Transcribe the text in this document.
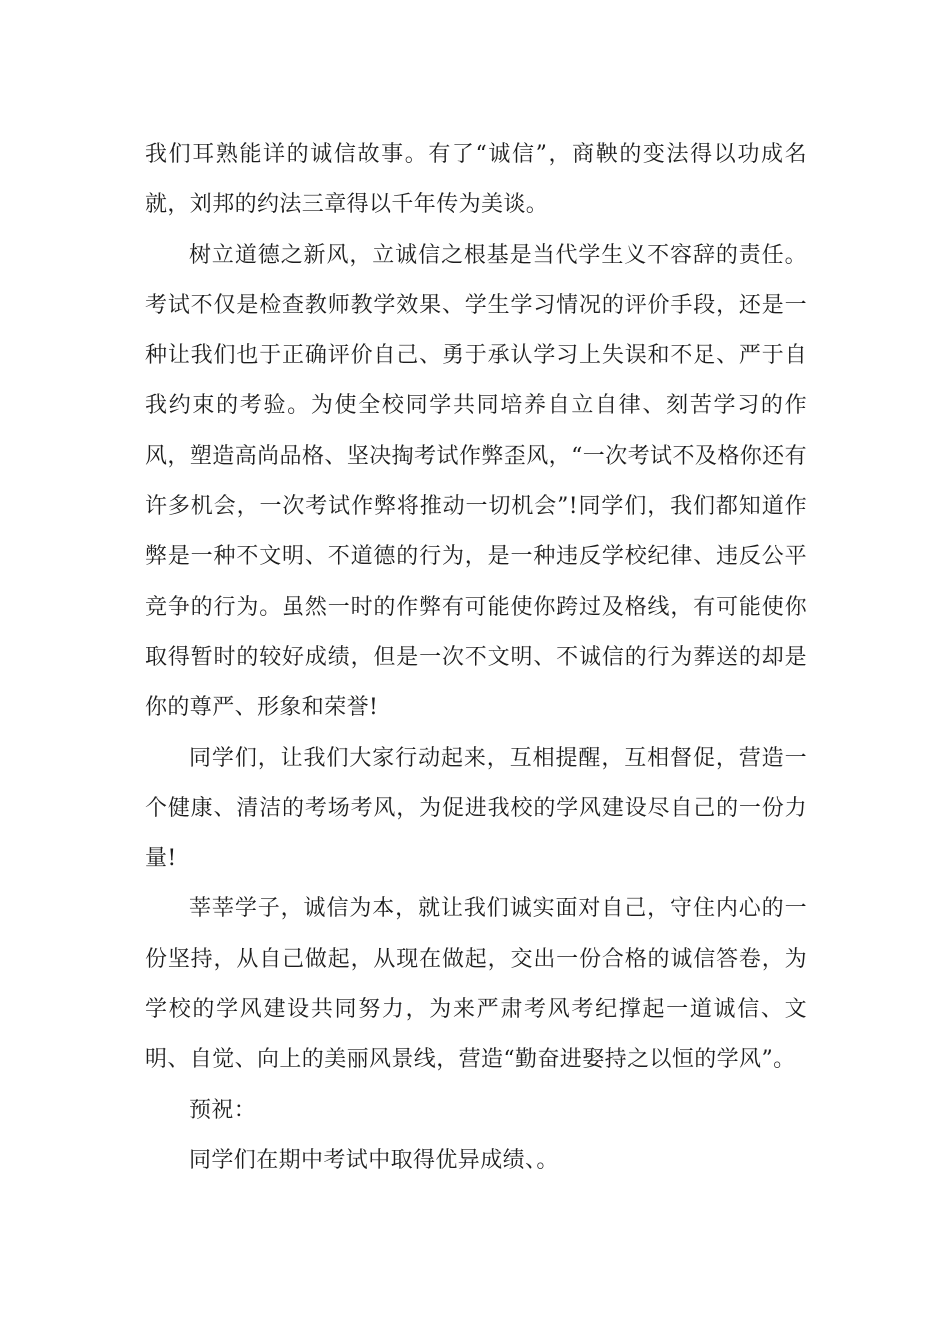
我们耳熟能详的诚信故事。有了“诚信”，商鞅的变法得以功成名就，刘邦的约法三章得以千年传为美谈。

树立道德之新风，立诚信之根基是当代学生义不容辞的责任。考试不仅是检查教师教学效果、学生学习情况的评价手段，还是一种让我们也于正确评价自己、勇于承认学习上失误和不足、严于自我约束的考验。为使全校同学共同培养自立自律、刻苦学习的作风，塑造高尚品格、坚决掏考试作弊歪风，“一次考试不及格你还有许多机会，一次考试作弊将推动一切机会”!同学们，我们都知道作弊是一种不文明、不道德的行为，是一种违反学校纪律、违反公平竞争的行为。虽然一时的作弊有可能使你跨过及格线，有可能使你取得暂时的较好成绩，但是一次不文明、不诚信的行为葬送的却是你的尊严、形象和荣誉!

同学们，让我们大家行动起来，互相提醒，互相督促，营造一个健康、清洁的考场考风，为促进我校的学风建设尽自己的一份力量!

莘莘学子，诚信为本，就让我们诚实面对自己，守住内心的一份坚持，从自己做起，从现在做起，交出一份合格的诚信答卷，为学校的学风建设共同努力，为来严肃考风考纪撑起一道诚信、文明、自觉、向上的美丽风景线，营造“勤奋进娶持之以恒的学风”。

预祝：

同学们在期中考试中取得优异成绩、。
